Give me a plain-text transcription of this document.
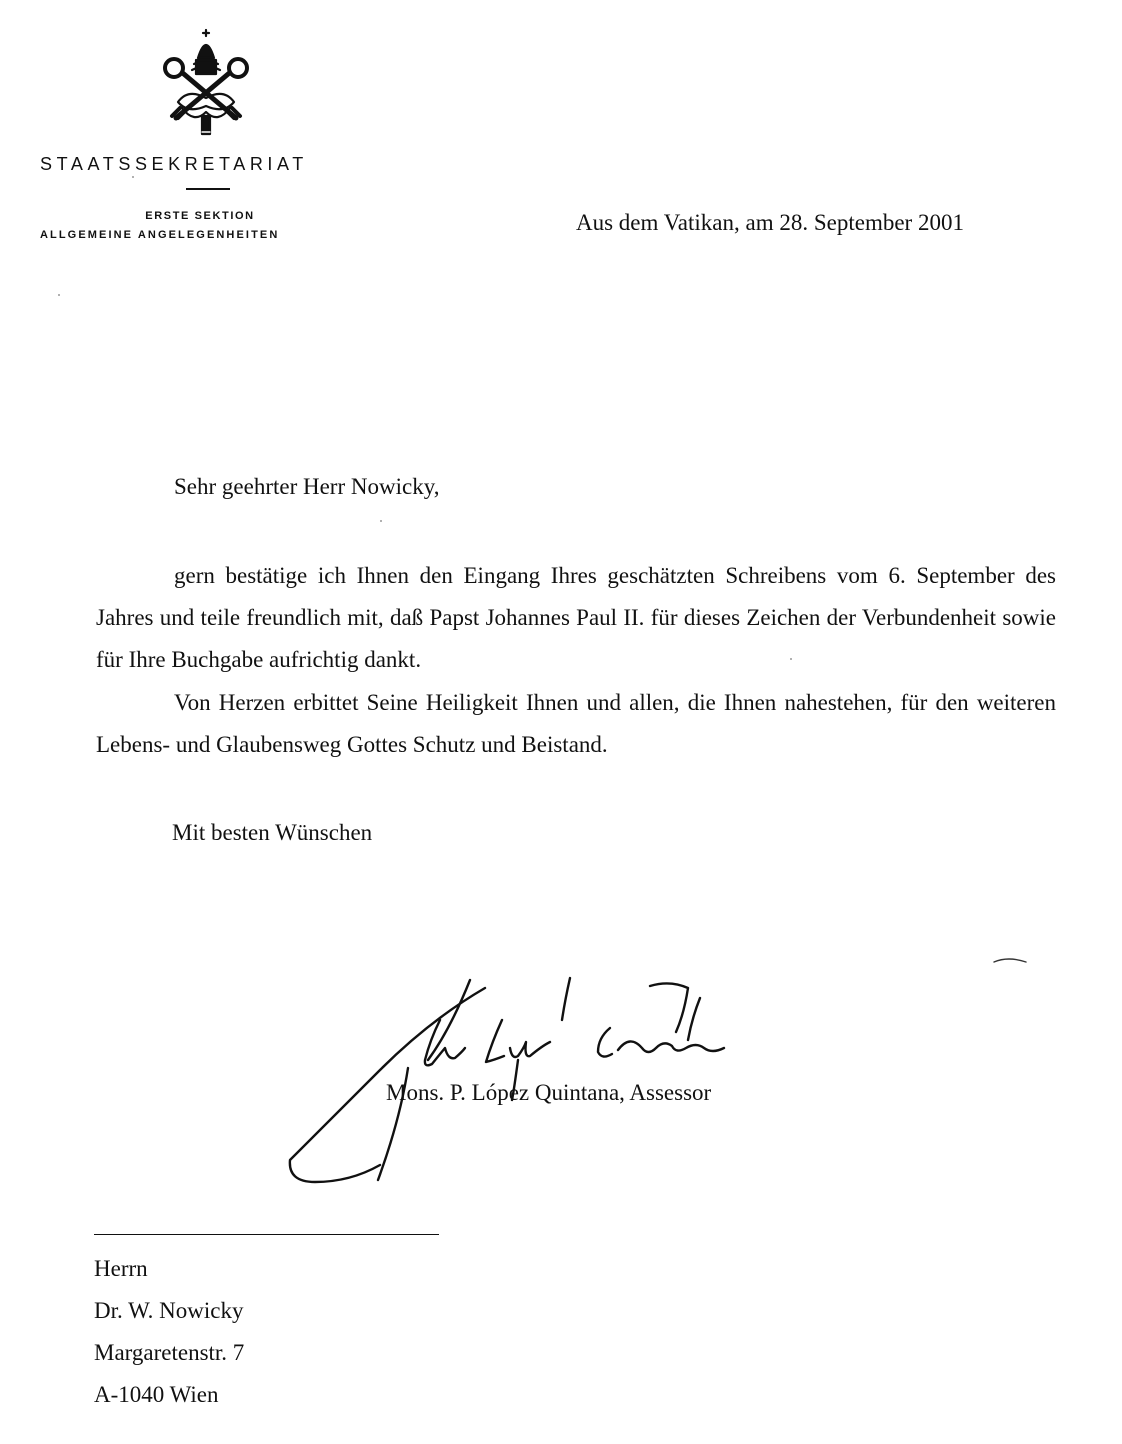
STAATSSEKRETARIAT
ERSTE SEKTION
ALLGEMEINE ANGELEGENHEITEN	Aus dem Vatikan, am 28. September 2001
Sehr geehrter Herr Nowicky,

gern bestätige ich Ihnen den Eingang Ihres geschätzten Schreibens vom 6. September des Jahres und teile freundlich mit, daß Papst Johannes Paul II. für dieses Zeichen der Verbundenheit sowie für Ihre Buchgabe aufrichtig dankt.

Von Herzen erbittet Seine Heiligkeit Ihnen und allen, die Ihnen nahestehen, für den weiteren Lebens- und Glaubensweg Gottes Schutz und Beistand.

Mit besten Wünschen
Mons. P. López Quintana, Assessor
Herrn
Dr. W. Nowicky
Margaretenstr. 7
A-1040 Wien
